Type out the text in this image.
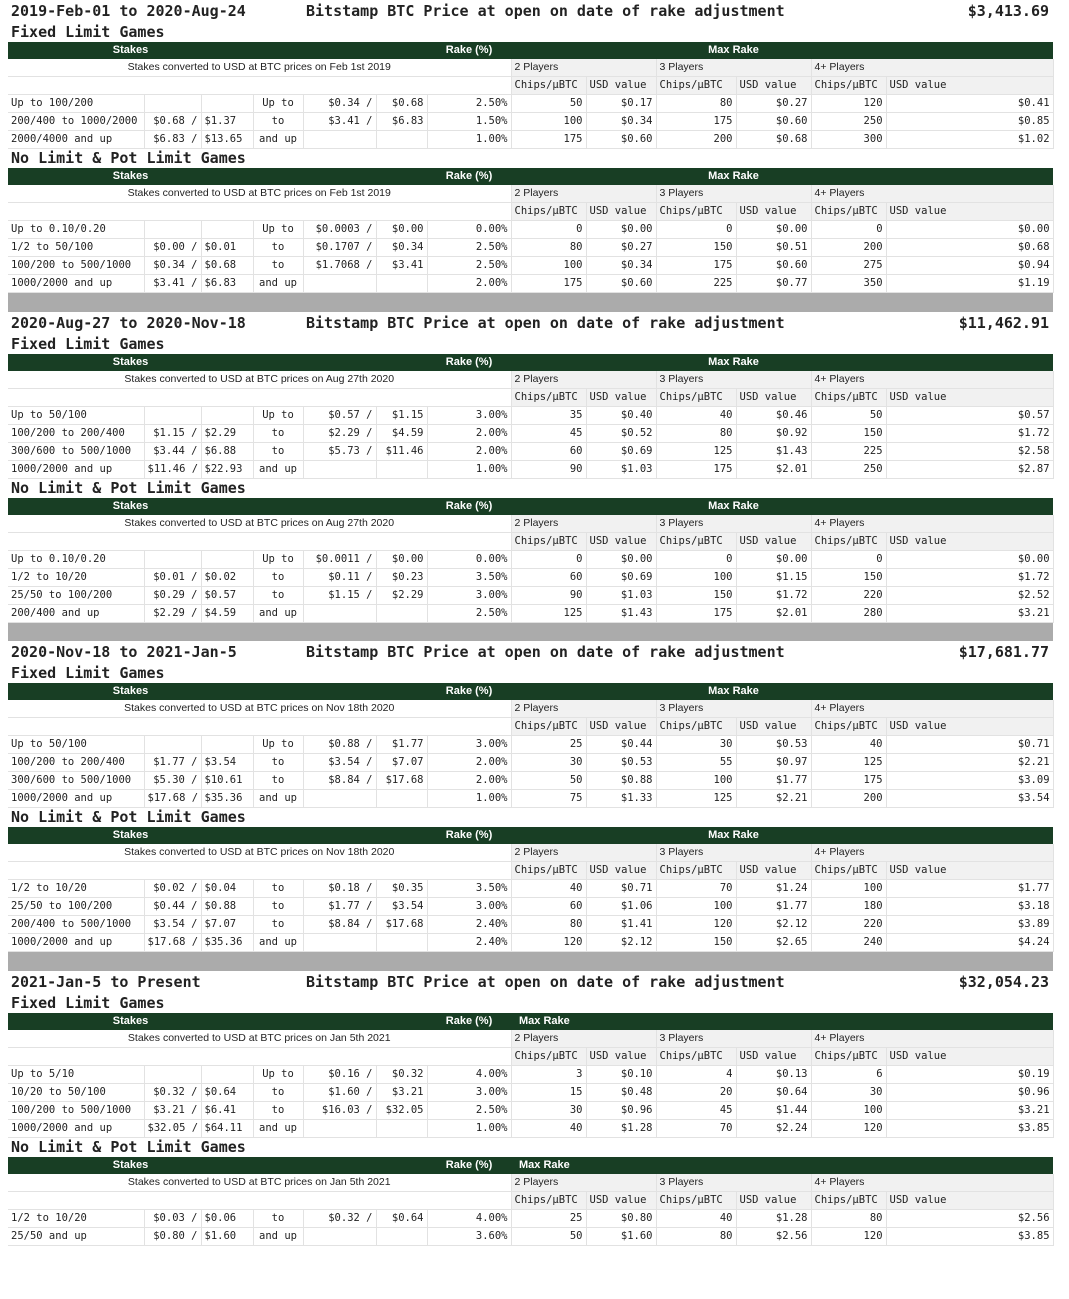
2019-Feb-01 to 2020-Aug-24				Bitstamp BTC Price at open on date of rake adjustment								$3,413.69
Fixed Limit Games												
Stakes						Rake (%)			Max Rake			
Stakes converted to USD at BTC prices on Feb 1st 2019							2 Players		3 Players		4+ Players	
							Chips/μBTC	USD value	Chips/μBTC	USD value	Chips/μBTC	USD value
Up to 100/200			Up to	$0.34 /	$0.68	2.50%	50	$0.17	80	$0.27	120	$0.41
200/400 to 1000/2000	$0.68 /	$1.37	to	$3.41 /	$6.83	1.50%	100	$0.34	175	$0.60	250	$0.85
2000/4000 and up	$6.83 /	$13.65	and up			1.00%	175	$0.60	200	$0.68	300	$1.02
No Limit & Pot Limit Games												
Stakes						Rake (%)			Max Rake			
Stakes converted to USD at BTC prices on Feb 1st 2019							2 Players		3 Players		4+ Players	
							Chips/μBTC	USD value	Chips/μBTC	USD value	Chips/μBTC	USD value
Up to 0.10/0.20			Up to	$0.0003 /	$0.00	0.00%	0	$0.00	0	$0.00	0	$0.00
1/2 to 50/100	$0.00 /	$0.01	to	$0.1707 /	$0.34	2.50%	80	$0.27	150	$0.51	200	$0.68
100/200 to 500/1000	$0.34 /	$0.68	to	$1.7068 /	$3.41	2.50%	100	$0.34	175	$0.60	275	$0.94
1000/2000 and up	$3.41 /	$6.83	and up			2.00%	175	$0.60	225	$0.77	350	$1.19

2020-Aug-27 to 2020-Nov-18				Bitstamp BTC Price at open on date of rake adjustment								$11,462.91
Fixed Limit Games												
Stakes						Rake (%)			Max Rake			
Stakes converted to USD at BTC prices on Aug 27th 2020							2 Players		3 Players		4+ Players	
							Chips/μBTC	USD value	Chips/μBTC	USD value	Chips/μBTC	USD value
Up to 50/100			Up to	$0.57 /	$1.15	3.00%	35	$0.40	40	$0.46	50	$0.57
100/200 to 200/400	$1.15 /	$2.29	to	$2.29 /	$4.59	2.00%	45	$0.52	80	$0.92	150	$1.72
300/600 to 500/1000	$3.44 /	$6.88	to	$5.73 /	$11.46	2.00%	60	$0.69	125	$1.43	225	$2.58
1000/2000 and up	$11.46 /	$22.93	and up			1.00%	90	$1.03	175	$2.01	250	$2.87
No Limit & Pot Limit Games												
Stakes						Rake (%)			Max Rake			
Stakes converted to USD at BTC prices on Aug 27th 2020							2 Players		3 Players		4+ Players	
							Chips/μBTC	USD value	Chips/μBTC	USD value	Chips/μBTC	USD value
Up to 0.10/0.20			Up to	$0.0011 /	$0.00	0.00%	0	$0.00	0	$0.00	0	$0.00
1/2 to 10/20	$0.01 /	$0.02	to	$0.11 /	$0.23	3.50%	60	$0.69	100	$1.15	150	$1.72
25/50 to 100/200	$0.29 /	$0.57	to	$1.15 /	$2.29	3.00%	90	$1.03	150	$1.72	220	$2.52
200/400 and up	$2.29 /	$4.59	and up			2.50%	125	$1.43	175	$2.01	280	$3.21

2020-Nov-18 to 2021-Jan-5				Bitstamp BTC Price at open on date of rake adjustment								$17,681.77
Fixed Limit Games												
Stakes						Rake (%)			Max Rake			
Stakes converted to USD at BTC prices on Nov 18th 2020							2 Players		3 Players		4+ Players	
							Chips/μBTC	USD value	Chips/μBTC	USD value	Chips/μBTC	USD value
Up to 50/100			Up to	$0.88 /	$1.77	3.00%	25	$0.44	30	$0.53	40	$0.71
100/200 to 200/400	$1.77 /	$3.54	to	$3.54 /	$7.07	2.00%	30	$0.53	55	$0.97	125	$2.21
300/600 to 500/1000	$5.30 /	$10.61	to	$8.84 /	$17.68	2.00%	50	$0.88	100	$1.77	175	$3.09
1000/2000 and up	$17.68 /	$35.36	and up			1.00%	75	$1.33	125	$2.21	200	$3.54
No Limit & Pot Limit Games												
Stakes						Rake (%)			Max Rake			
Stakes converted to USD at BTC prices on Nov 18th 2020							2 Players		3 Players		4+ Players	
							Chips/μBTC	USD value	Chips/μBTC	USD value	Chips/μBTC	USD value
1/2 to 10/20	$0.02 /	$0.04	to	$0.18 /	$0.35	3.50%	40	$0.71	70	$1.24	100	$1.77
25/50 to 100/200	$0.44 /	$0.88	to	$1.77 /	$3.54	3.00%	60	$1.06	100	$1.77	180	$3.18
200/400 to 500/1000	$3.54 /	$7.07	to	$8.84 /	$17.68	2.40%	80	$1.41	120	$2.12	220	$3.89
1000/2000 and up	$17.68 /	$35.36	and up			2.40%	120	$2.12	150	$2.65	240	$4.24

2021-Jan-5 to Present				Bitstamp BTC Price at open on date of rake adjustment								$32,054.23
Fixed Limit Games												
Stakes						Rake (%)	Max Rake					
Stakes converted to USD at BTC prices on Jan 5th 2021							2 Players		3 Players		4+ Players	
							Chips/μBTC	USD value	Chips/μBTC	USD value	Chips/μBTC	USD value
Up to 5/10			Up to	$0.16 /	$0.32	4.00%	3	$0.10	4	$0.13	6	$0.19
10/20 to 50/100	$0.32 /	$0.64	to	$1.60 /	$3.21	3.00%	15	$0.48	20	$0.64	30	$0.96
100/200 to 500/1000	$3.21 /	$6.41	to	$16.03 /	$32.05	2.50%	30	$0.96	45	$1.44	100	$3.21
1000/2000 and up	$32.05 /	$64.11	and up			1.00%	40	$1.28	70	$2.24	120	$3.85
No Limit & Pot Limit Games												
Stakes						Rake (%)	Max Rake					
Stakes converted to USD at BTC prices on Jan 5th 2021							2 Players		3 Players		4+ Players	
							Chips/μBTC	USD value	Chips/μBTC	USD value	Chips/μBTC	USD value
1/2 to 10/20	$0.03 /	$0.06	to	$0.32 /	$0.64	4.00%	25	$0.80	40	$1.28	80	$2.56
25/50 and up	$0.80 /	$1.60	and up			3.60%	50	$1.60	80	$2.56	120	$3.85
